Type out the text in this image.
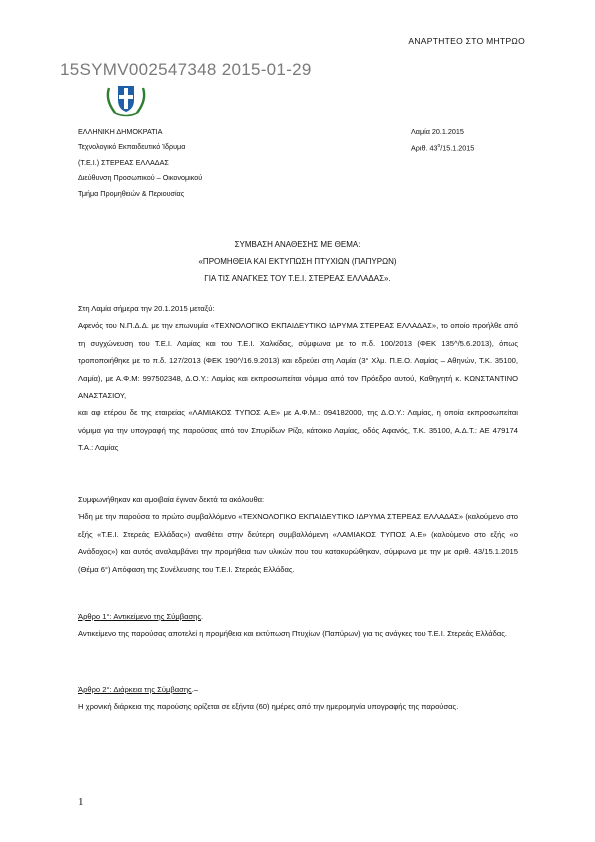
ΑΝΑΡΤΗΤΕΟ ΣΤΟ ΜΗΤΡΩΟ
15SYMV002547348 2015-01-29
ΕΛΛΗΝΙΚΗ ΔΗΜΟΚΡΑΤΙΑ
Τεχνολογικό Εκπαιδευτικό Ίδρυμα
(Τ.Ε.Ι.) ΣΤΕΡΕΑΣ ΕΛΛΑΔΑΣ
Διεύθυνση Προσωπικού – Οικονομικού
Τμήμα Προμηθειών & Περιουσίας
Λαμία 20.1.2015
Αριθ. $43^o/15.1.2015$
ΣΥΜΒΑΣΗ ΑΝΑΘΕΣΗΣ ΜΕ ΘΕΜΑ:
«ΠΡΟΜΗΘΕΙΑ ΚΑΙ ΕΚΤΥΠΩΣΗ ΠΤΥΧΙΩΝ (ΠΑΠΥΡΩΝ)
ΓΙΑ ΤΙΣ ΑΝΑΓΚΕΣ ΤΟΥ Τ.Ε.Ι. ΣΤΕΡΕΑΣ ΕΛΛΑΔΑΣ».

Στη Λαμία σήμερα την 20.1.2015 μεταξύ:

Αφενός του Ν.Π.Δ.Δ. με την επωνυμία «ΤΕΧΝΟΛΟΓΙΚΟ ΕΚΠΑΙΔΕΥΤΙΚΟ ΙΔΡΥΜΑ ΣΤΕΡΕΑΣ ΕΛΛΑΔΑΣ», το οποίο προήλθε από τη συγχώνευση του Τ.Ε.Ι. Λαμίας και του Τ.Ε.Ι. Χαλκίδας, σύμφωνα με το π.δ. 100/2013 (ΦΕΚ 135^/5.6.2013), όπως τροποποιήθηκε με το π.δ. 127/2013 (ΦΕΚ 190^/16.9.2013) και εδρεύει στη Λαμία (3° Χλμ. Π.Ε.Ο. Λαμίας – Αθηνών, Τ.Κ. 35100, Λαμία), με Α.Φ.Μ: 997502348, Δ.Ο.Υ.: Λαμίας και εκπροσωπείται νόμιμα από τον Πρόεδρο αυτού, Καθηγητή κ. ΚΩΝΣΤΑΝΤΙΝΟ ΑΝΑΣΤΑΣΙΟΥ,

και αφ ετέρου δε της εταιρείας «ΛΑΜΙΑΚΟΣ ΤΥΠΟΣ Α.Ε» με Α.Φ.Μ.: 094182000, της Δ.Ο.Υ.: Λαμίας, η οποία εκπροσωπείται νόμιμα για την υπογραφή της παρούσας από τον Σπυρίδων Ρίζο, κάτοικο Λαμίας, οδός Αφανός, Τ.Κ. 35100, Α.Δ.Τ.: ΑΕ 479174 Τ.Α.: Λαμίας

Συμφωνήθηκαν και αμοιβαία έγιναν δεκτά τα ακόλουθα:

Ήδη με την παρούσα το πρώτο συμβαλλόμενο «ΤΕΧΝΟΛΟΓΙΚΟ ΕΚΠΑΙΔΕΥΤΙΚΟ ΙΔΡΥΜΑ ΣΤΕΡΕΑΣ ΕΛΛΑΔΑΣ» (καλούμενο στο εξής «Τ.Ε.Ι. Στερεάς Ελλάδας») αναθέτει στην δεύτερη συμβαλλόμενη «ΛΑΜΙΑΚΟΣ ΤΥΠΟΣ Α.Ε» (καλούμενο στο εξής «ο Ανάδοχος») και αυτός αναλαμβάνει την προμήθεια των υλικών που του κατακυρώθηκαν, σύμφωνα με την με αριθ. 43/15.1.2015 (Θέμα 6°) Απόφαση της Συνέλευσης του Τ.Ε.Ι. Στερεάς Ελλάδας.

Άρθρο 1°: Αντικείμενο της Σύμβασης.

Αντικείμενο της παρούσας αποτελεί η προμήθεια και εκτύπωση Πτυχίων (Παπύρων) για τις ανάγκες του Τ.Ε.Ι. Στερεάς Ελλάδας.

Άρθρο 2°: Διάρκεια της Σύμβασης.–

Η χρονική διάρκεια της παρούσης ορίζεται σε εξήντα (60) ημέρες από την ημερομηνία υπογραφής της παρούσας.

1
